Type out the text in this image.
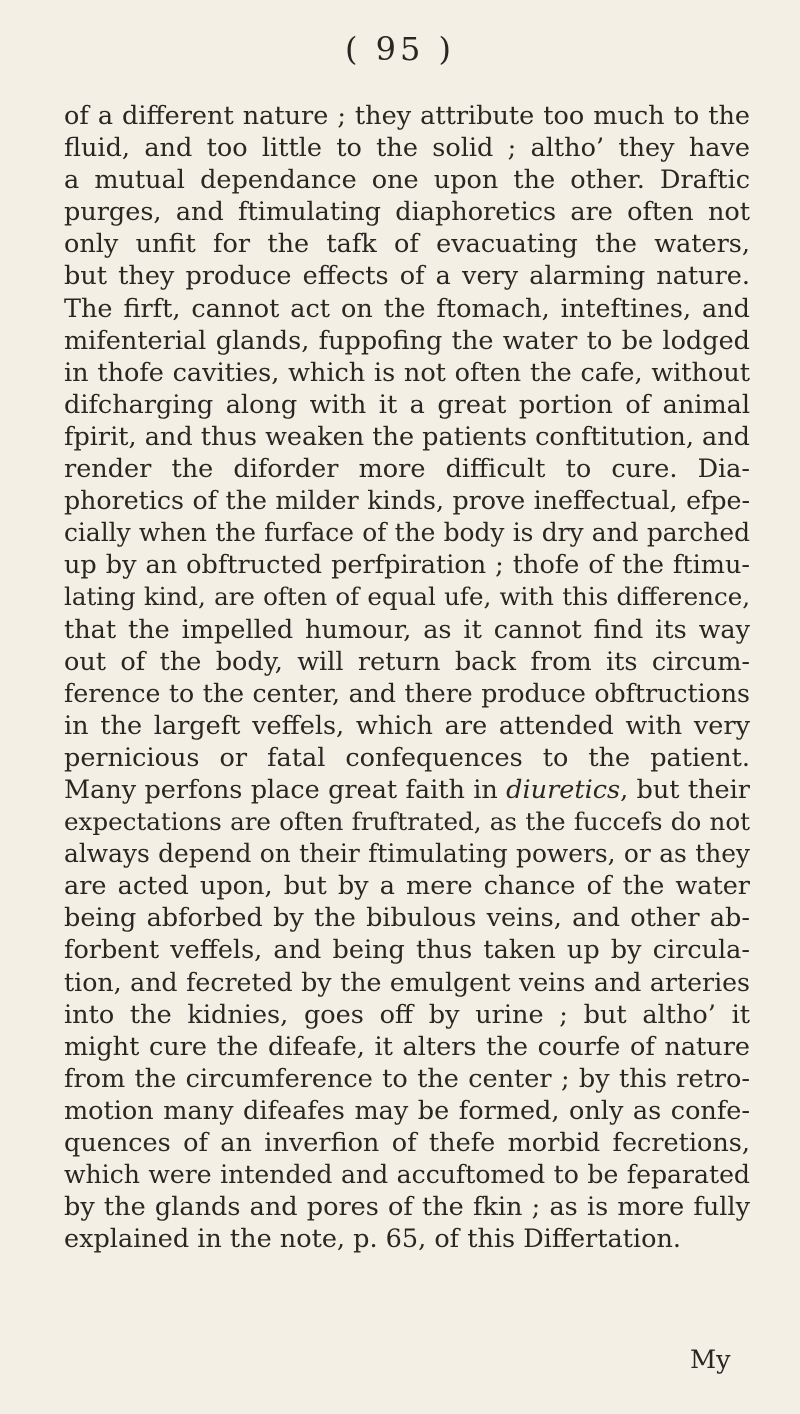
( 95 )
of a different nature ; they attribute too much to the
fluid, and too little to the solid ; altho’ they have
a mutual dependance one upon the other. Draftic
purges, and ftimulating diaphoretics are often not
only unfit for the tafk of evacuating the waters,
but they produce effects of a very alarming nature.
The firft, cannot act on the ftomach, inteftines, and
mifenterial glands, fuppofing the water to be lodged
in thofe cavities, which is not often the cafe, without
difcharging along with it a great portion of animal
fpirit, and thus weaken the patients conftitution, and
render the diforder more difficult to cure. Dia-
phoretics of the milder kinds, prove ineffectual, efpe-
cially when the furface of the body is dry and parched
up by an obftructed perfpiration ; thofe of the ftimu-
lating kind, are often of equal ufe, with this difference,
that the impelled humour, as it cannot find its way
out of the body, will return back from its circum-
ference to the center, and there produce obftructions
in the largeft veffels, which are attended with very
pernicious or fatal confequences to the patient.
Many perfons place great faith in diuretics, but their
expectations are often fruftrated, as the fuccefs do not
always depend on their ftimulating powers, or as they
are acted upon, but by a mere chance of the water
being abforbed by the bibulous veins, and other ab-
forbent veffels, and being thus taken up by circula-
tion, and fecreted by the emulgent veins and arteries
into the kidnies, goes off by urine ; but altho’ it
might cure the difeafe, it alters the courfe of nature
from the circumference to the center ; by this retro-
motion many difeafes may be formed, only as confe-
quences of an inverfion of thefe morbid fecretions,
which were intended and accuftomed to be feparated
by the glands and pores of the fkin ; as is more fully
explained in the note, p. 65, of this Differtation.
My
